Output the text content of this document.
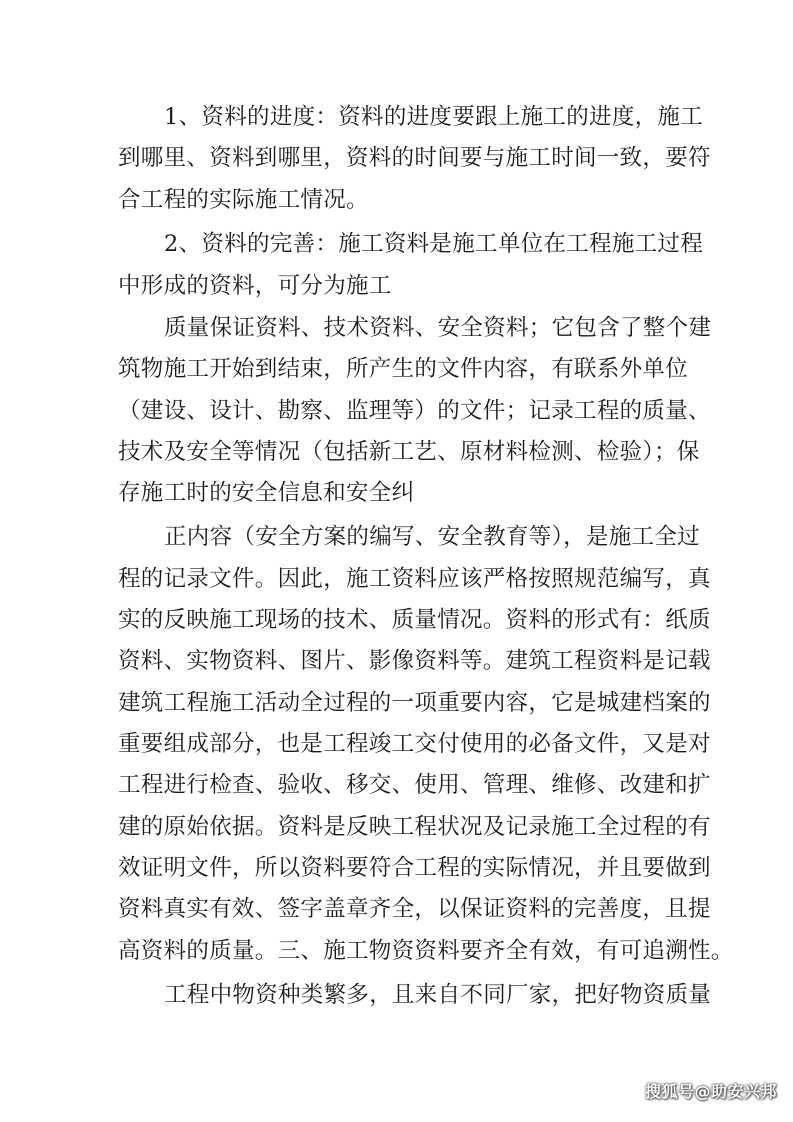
1、资料的进度：资料的进度要跟上施工的进度，施工
到哪里、资料到哪里，资料的时间要与施工时间一致，要符
合工程的实际施工情况。
2、资料的完善：施工资料是施工单位在工程施工过程
中形成的资料，可分为施工
质量保证资料、技术资料、安全资料；它包含了整个建
筑物施工开始到结束，所产生的文件内容，有联系外单位
（建设、设计、勘察、监理等）的文件；记录工程的质量、
技术及安全等情况（包括新工艺、原材料检测、检验）；保
存施工时的安全信息和安全纠
正内容（安全方案的编写、安全教育等），是施工全过
程的记录文件。因此，施工资料应该严格按照规范编写，真
实的反映施工现场的技术、质量情况。资料的形式有：纸质
资料、实物资料、图片、影像资料等。建筑工程资料是记载
建筑工程施工活动全过程的一项重要内容，它是城建档案的
重要组成部分，也是工程竣工交付使用的必备文件，又是对
工程进行检查、验收、移交、使用、管理、维修、改建和扩
建的原始依据。资料是反映工程状况及记录施工全过程的有
效证明文件，所以资料要符合工程的实际情况，并且要做到
资料真实有效、签字盖章齐全，以保证资料的完善度，且提
高资料的质量。三、施工物资资料要齐全有效，有可追溯性。
工程中物资种类繁多，且来自不同厂家，把好物资质量
搜狐号@助安兴邦
